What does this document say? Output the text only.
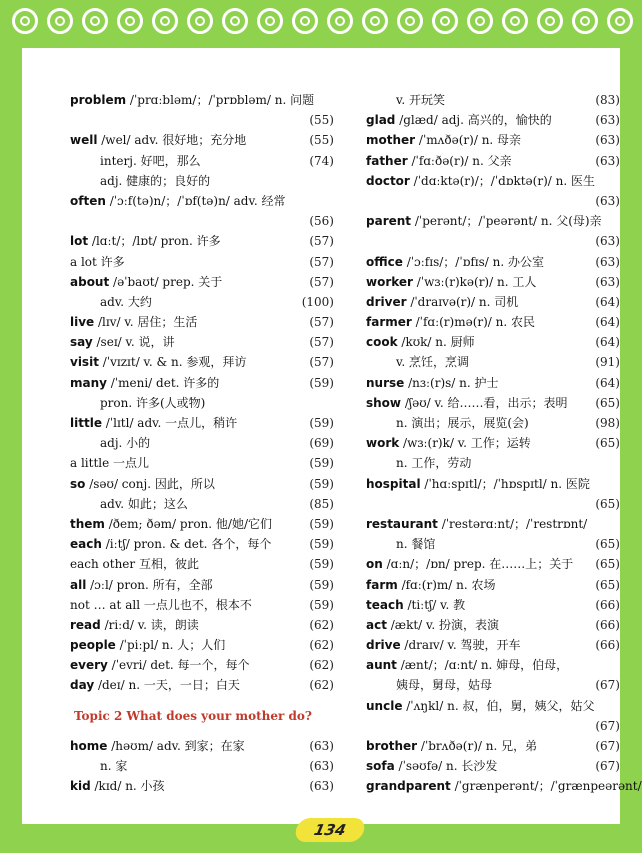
problem /ˈprɑːbləm/；/ˈprɒbləm/ n. 问题
(55)
well /wel/ adv. 很好地；充分地	(55)
interj. 好吧，那么	(74)
adj. 健康的；良好的
often /ˈɔːf(tə)n/；/ˈɒf(tə)n/ adv. 经常
(56)
lot /lɑːt/；/lɒt/ pron. 许多	(57)
a lot 许多	(57)
about /əˈbaʊt/ prep. 关于	(57)
adv. 大约	(100)
live /lɪv/ v. 居住；生活	(57)
say /seɪ/ v. 说，讲	(57)
visit /ˈvɪzɪt/ v. & n. 参观，拜访	(57)
many /ˈmeni/ det. 许多的	(59)
pron. 许多(人或物)
little /ˈlɪtl/ adv. 一点儿，稍许	(59)
adj. 小的	(69)
a little 一点儿	(59)
so /səʊ/ conj. 因此，所以	(59)
adv. 如此；这么	(85)
them /ðem; ðəm/ pron. 他/她/它们	(59)
each /iːtʃ/ pron. & det. 各个，每个	(59)
each other 互相，彼此	(59)
all /ɔːl/ pron. 所有，全部	(59)
not … at all 一点儿也不，根本不	(59)
read /riːd/ v. 读，朗读	(62)
people /ˈpiːpl/ n. 人；人们	(62)
every /ˈevri/ det. 每一个，每个	(62)
day /deɪ/ n. 一天，一日；白天	(62)
Topic 2 What does your mother do?
home /həʊm/ adv. 到家；在家	(63)
n. 家	(63)
kid /kɪd/ n. 小孩	(63)
v. 开玩笑	(83)
glad /glæd/ adj. 高兴的，愉快的	(63)
mother /ˈmʌðə(r)/ n. 母亲	(63)
father /ˈfɑːðə(r)/ n. 父亲	(63)
doctor /ˈdɑːktə(r)/；/ˈdɒktə(r)/ n. 医生
(63)
parent /ˈperənt/；/ˈpeərənt/ n. 父(母)亲
(63)
office /ˈɔːfɪs/；/ˈɒfɪs/ n. 办公室	(63)
worker /ˈwɜː(r)kə(r)/ n. 工人	(63)
driver /ˈdraɪvə(r)/ n. 司机	(64)
farmer /ˈfɑː(r)mə(r)/ n. 农民	(64)
cook /kʊk/ n. 厨师	(64)
v. 烹饪，烹调	(91)
nurse /nɜː(r)s/ n. 护士	(64)
show /ʃəʊ/ v. 给……看，出示；表明 (65)
n. 演出；展示，展览(会)	(98)
work /wɜː(r)k/ v. 工作；运转	(65)
n. 工作，劳动
hospital /ˈhɑːspɪtl/；/ˈhɒspɪtl/ n. 医院
(65)
restaurant /ˈrestərɑːnt/；/ˈrestrɒnt/
n. 餐馆	(65)
on /ɑːn/；/ɒn/ prep. 在……上；关于 (65)
farm /fɑː(r)m/ n. 农场	(65)
teach /tiːtʃ/ v. 教	(66)
act /ækt/ v. 扮演，表演	(66)
drive /draɪv/ v. 驾驶，开车	(66)
aunt /ænt/；/ɑːnt/ n. 婶母，伯母，
姨母，舅母，姑母	(67)
uncle /ˈʌŋkl/ n. 叔，伯，舅，姨父，姑父
(67)
brother /ˈbrʌðə(r)/ n. 兄，弟	(67)
sofa /ˈsəʊfə/ n. 长沙发	(67)
grandparent /ˈgrænperənt/；/ˈgrænpeərənt/
134
